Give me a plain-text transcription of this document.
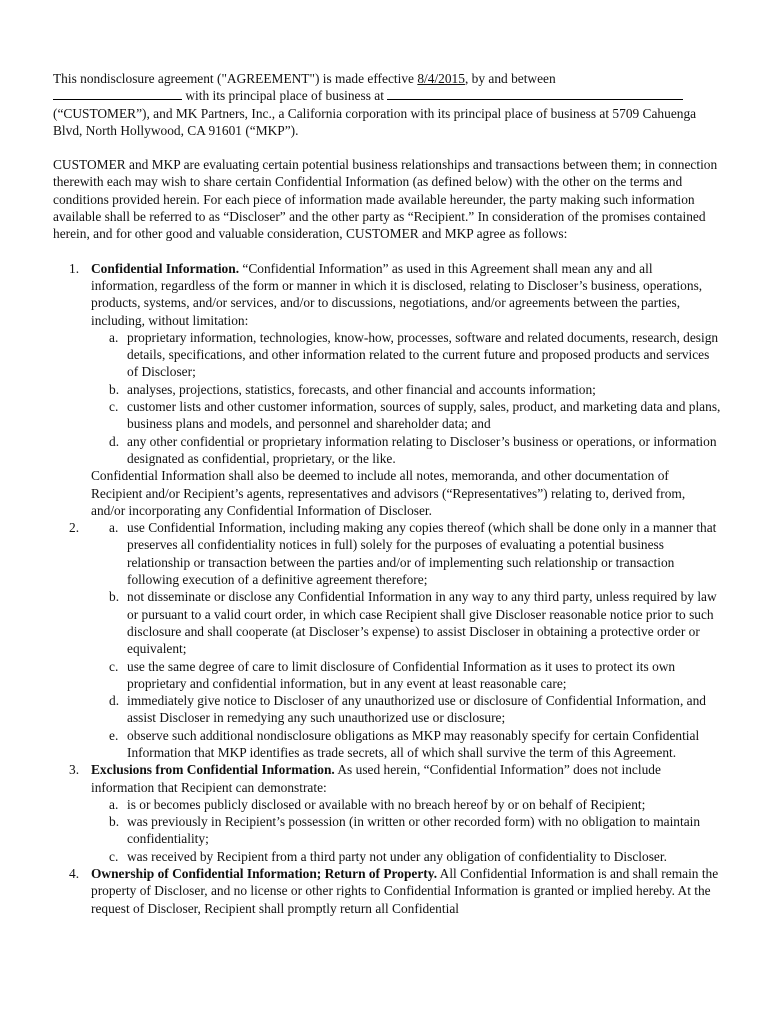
This nondisclosure agreement ("AGREEMENT") is made effective 8/4/2015, by and between
with its principal place of business at
(“CUSTOMER”), and MK Partners, Inc., a California corporation with its principal place of business at 5709 Cahuenga Blvd, North Hollywood, CA 91601 (“MKP”).

CUSTOMER and MKP are evaluating certain potential business relationships and transactions between them; in connection therewith each may wish to share certain Confidential Information (as defined below) with the other on the terms and conditions provided herein. For each piece of information made available hereunder, the party making such information available shall be referred to as “Discloser” and the other party as “Recipient.” In consideration of the promises contained herein, and for other good and valuable consideration, CUSTOMER and MKP agree as follows:

1. Confidential Information. “Confidential Information” as used in this Agreement shall mean any and all information, regardless of the form or manner in which it is disclosed, relating to Discloser’s business, operations, products, systems, and/or services, and/or to discussions, negotiations, and/or agreements between the parties, including, without limitation:
a. proprietary information, technologies, know-how, processes, software and related documents, research, design details, specifications, and other information related to the current future and proposed products and services of Discloser;
b. analyses, projections, statistics, forecasts, and other financial and accounts information;
c. customer lists and other customer information, sources of supply, sales, product, and marketing data and plans, business plans and models, and personnel and shareholder data; and
d. any other confidential or proprietary information relating to Discloser’s business or operations, or information designated as confidential, proprietary, or the like.
Confidential Information shall also be deemed to include all notes, memoranda, and other documentation of Recipient and/or Recipient’s agents, representatives and advisors (“Representatives”) relating to, derived from, and/or incorporating any Confidential Information of Discloser.
2. a. use Confidential Information, including making any copies thereof (which shall be done only in a manner that preserves all confidentiality notices in full) solely for the purposes of evaluating a potential business relationship or transaction between the parties and/or of implementing such relationship or transaction following execution of a definitive agreement therefore;
b. not disseminate or disclose any Confidential Information in any way to any third party, unless required by law or pursuant to a valid court order, in which case Recipient shall give Discloser reasonable notice prior to such disclosure and shall cooperate (at Discloser’s expense) to assist Discloser in obtaining a protective order or equivalent;
c. use the same degree of care to limit disclosure of Confidential Information as it uses to protect its own proprietary and confidential information, but in any event at least reasonable care;
d. immediately give notice to Discloser of any unauthorized use or disclosure of Confidential Information, and assist Discloser in remedying any such unauthorized use or disclosure;
e. observe such additional nondisclosure obligations as MKP may reasonably specify for certain Confidential Information that MKP identifies as trade secrets, all of which shall survive the term of this Agreement.
3. Exclusions from Confidential Information. As used herein, “Confidential Information” does not include information that Recipient can demonstrate:
a. is or becomes publicly disclosed or available with no breach hereof by or on behalf of Recipient;
b. was previously in Recipient’s possession (in written or other recorded form) with no obligation to maintain confidentiality;
c. was received by Recipient from a third party not under any obligation of confidentiality to Discloser.
4. Ownership of Confidential Information; Return of Property. All Confidential Information is and shall remain the property of Discloser, and no license or other rights to Confidential Information is granted or implied hereby. At the request of Discloser, Recipient shall promptly return all Confidential
